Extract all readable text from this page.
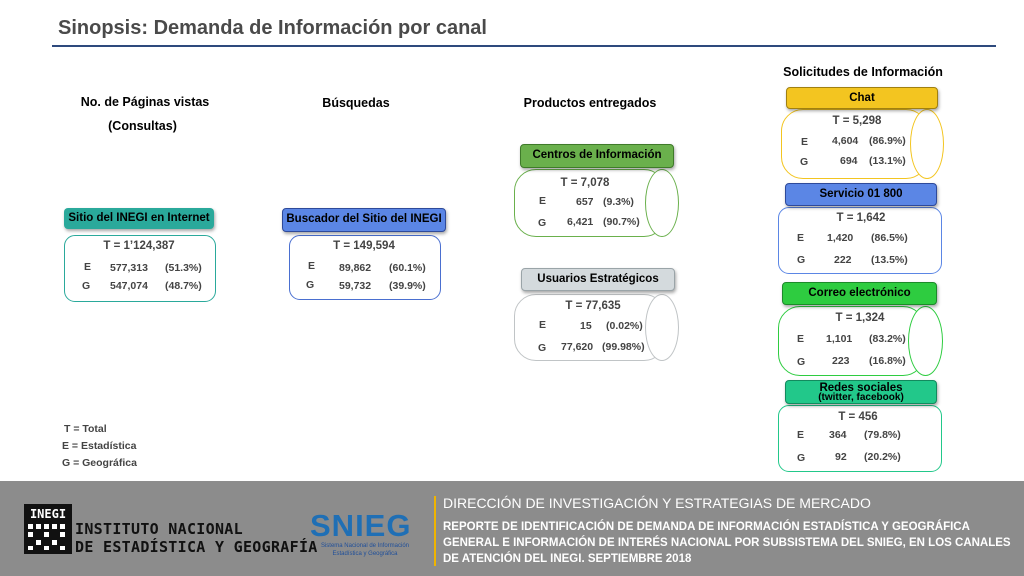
Sinopsis: Demanda de Información por canal
No. de Páginas vistas
(Consultas)
Búsquedas	Productos entregados
Solicitudes de Información
Sitio del INEGI en Internet
T = 1’124,387
E 577,313 (51.3%)
G 547,074 (48.7%)
Buscador del Sitio del INEGI
T = 149,594
E 89,862 (60.1%)
G 59,732 (39.9%)
Centros de Información
T = 7,078
E	657 (9.3%)
G 6,421 (90.7%)
Usuarios Estratégicos
T = 77,635
E	15 (0.02%)
G 77,620 (99.98%)
Chat
T = 5,298
E 4,604 (86.9%)
G	694 (13.1%)
Servicio 01 800
T = 1,642
E 1,420 (86.5%)
G	222 (13.5%)
Correo electrónico
T = 1,324
E 1,101 (83.2%)
G	223 (16.8%)
Redes sociales
(twitter, facebook)
T = 456
E 364 (79.8%)
G	92 (20.2%)
T = Total
E = Estadística
G = Geográfica
INEGI
INSTITUTO NACIONAL
DE ESTADÍSTICA Y GEOGRAFÍA
SNIEG
Sistema Nacional de Información Estadística y Geográfica
DIRECCIÓN DE INVESTIGACIÓN Y ESTRATEGIAS DE MERCADO
REPORTE DE IDENTIFICACIÓN DE DEMANDA DE INFORMACIÓN ESTADÍSTICA Y GEOGRÁFICA GENERAL E INFORMACIÓN DE INTERÉS NACIONAL POR SUBSISTEMA DEL SNIEG, EN LOS CANALES DE ATENCIÓN DEL INEGI. SEPTIEMBRE 2018
